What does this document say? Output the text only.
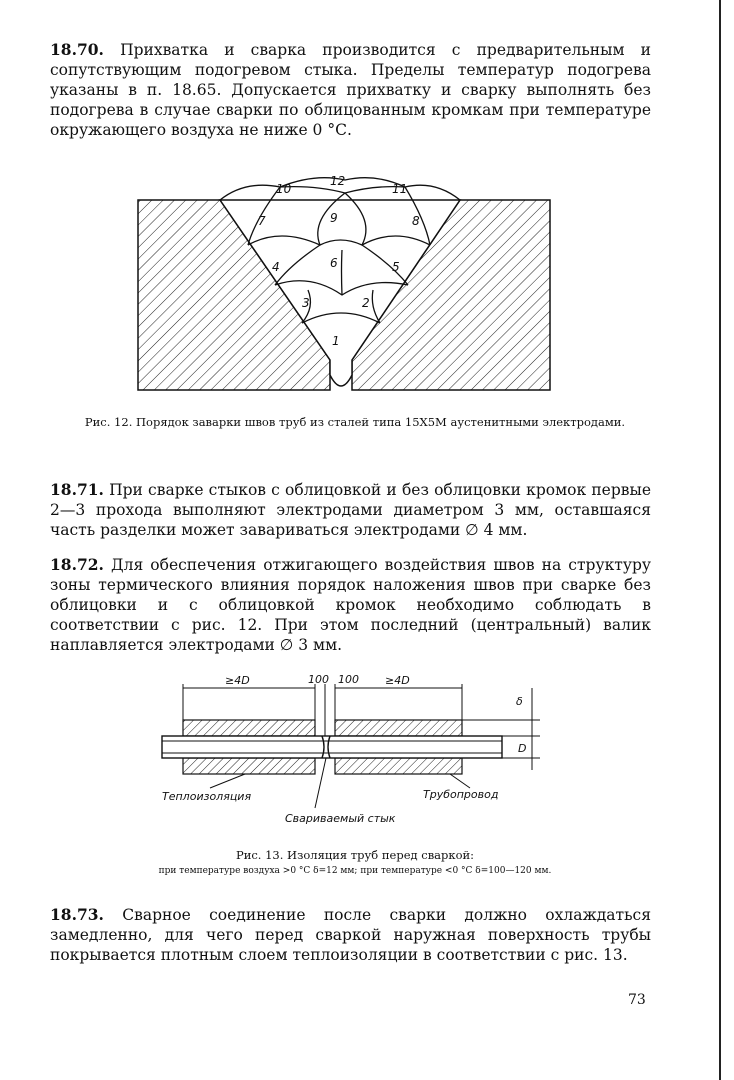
18.70. Прихватка и сварка производится с предварительным и сопутствующим подогревом стыка. Пределы температур подогрева указаны в п. 18.65. Допускается прихватку и сварку выполнять без подогрева в случае сварки по облицованным кромкам при температуре окружающего воздуха не ниже 0 °С.

1
2
3
4	5
6
7	8
9
10	11
12

Рис. 12. Порядок заварки швов труб из сталей типа 15Х5М аустенитными электродами.

18.71. При сварке стыков с облицовкой и без облицовки кромок первые 2—3 прохода выполняют электродами диаметром 3 мм, оставшаяся часть разделки может завариваться электродами ∅ 4 мм.

18.72. Для обеспечения отжигающего воздействия швов на структуру зоны термического влияния порядок наложения швов при сварке без облицовки и с облицовкой кромок необходимо соблюдать в соответствии с рис. 12. При этом последний (центральный) валик наплавляется электродами ∅ 3 мм.

≥4D	100 100 ≥4D
δ
D
Теплоизоляция
Свариваемый стык
Трубопровод

Рис. 13. Изоляция труб перед сваркой:

при температуре воздуха >0 °С δ=12 мм; при температуре <0 °С δ=100—120 мм.

18.73. Сварное соединение после сварки должно охлаждаться замедленно, для чего перед сваркой наружная поверхность трубы покрывается плотным слоем теплоизоляции в соответствии с рис. 13.

73
